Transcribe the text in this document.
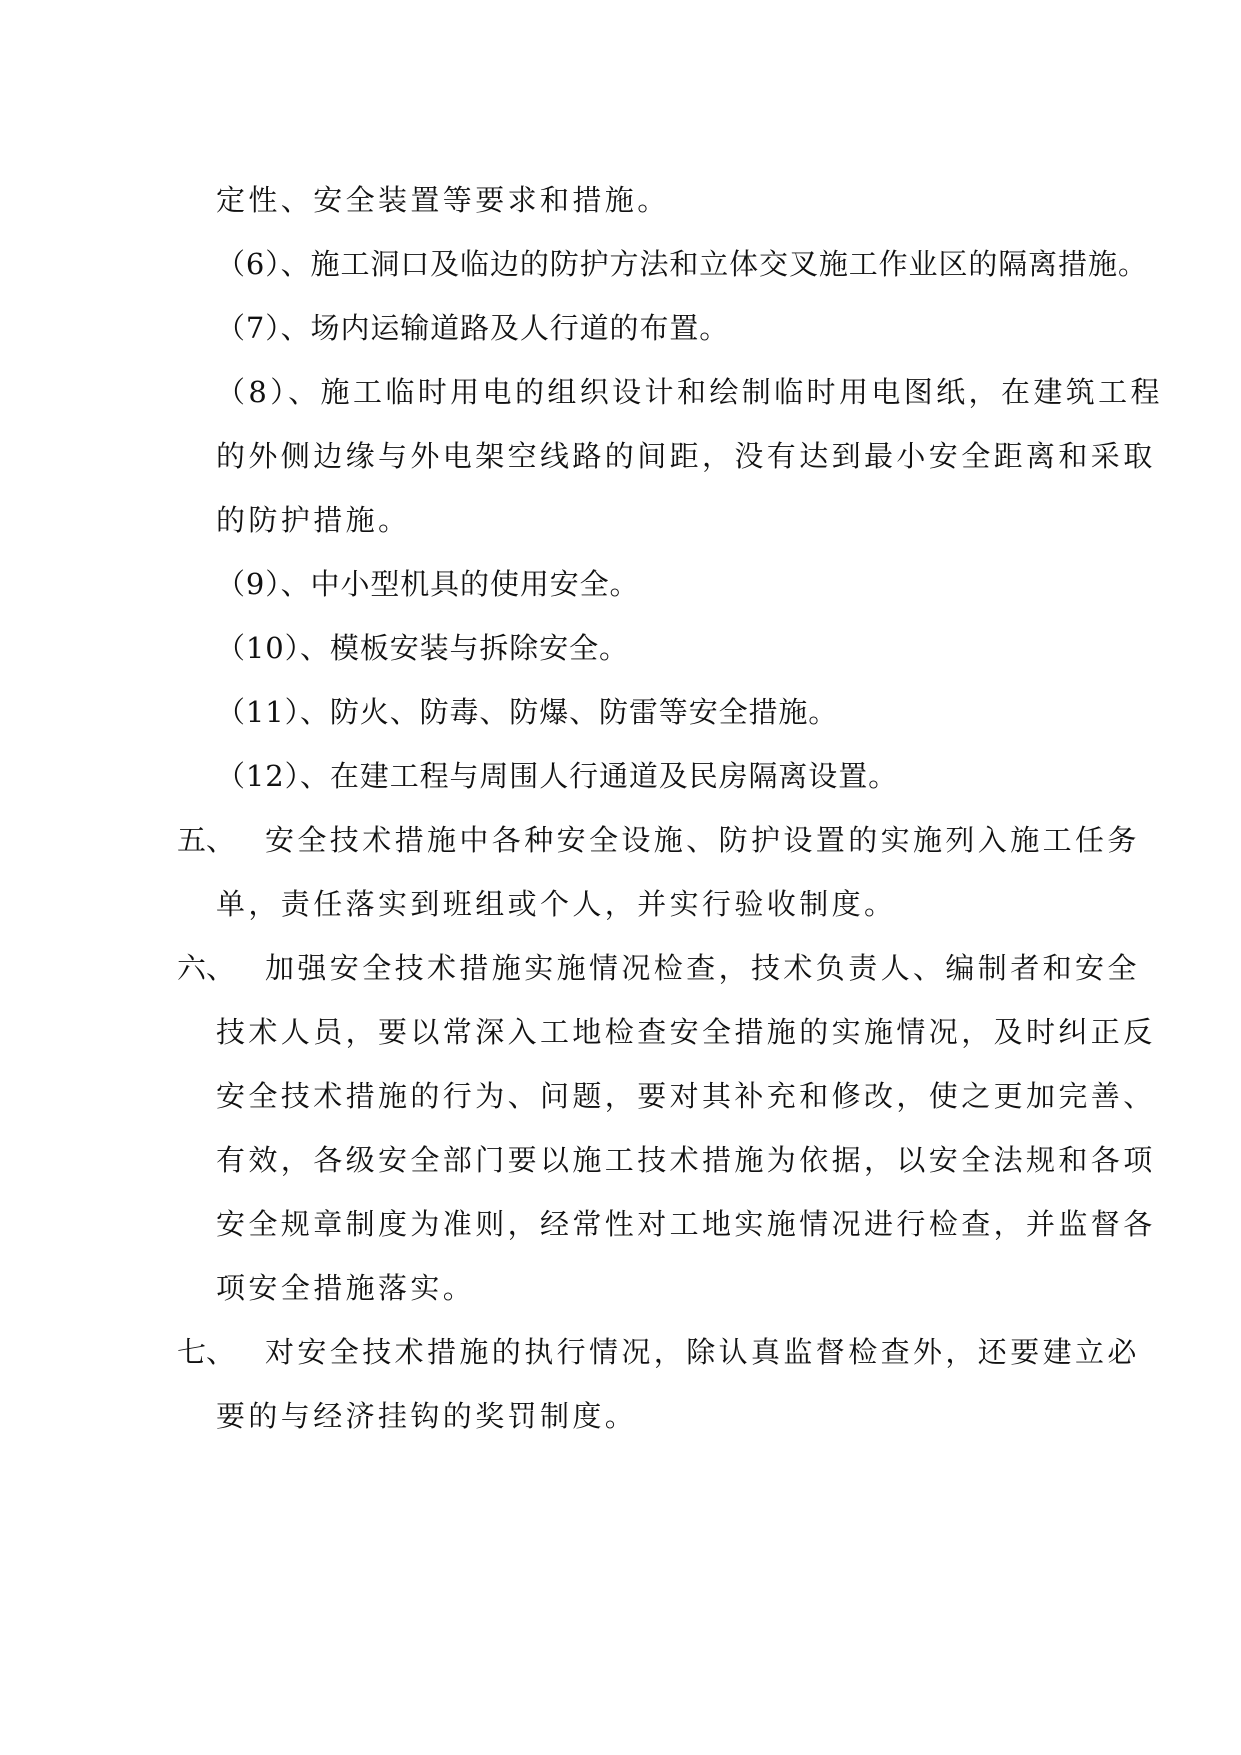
定性、安全装置等要求和措施。
（6）、施工洞口及临边的防护方法和立体交叉施工作业区的隔离措施。
（7）、场内运输道路及人行道的布置。
（8）、施工临时用电的组织设计和绘制临时用电图纸，在建筑工程
的外侧边缘与外电架空线路的间距，没有达到最小安全距离和采取
的防护措施。
（9）、中小型机具的使用安全。
（10）、模板安装与拆除安全。
（11）、防火、防毒、防爆、防雷等安全措施。
（12）、在建工程与周围人行通道及民房隔离设置。
五、 安全技术措施中各种安全设施、防护设置的实施列入施工任务
单，责任落实到班组或个人，并实行验收制度。
六、 加强安全技术措施实施情况检查，技术负责人、编制者和安全
技术人员，要以常深入工地检查安全措施的实施情况，及时纠正反
安全技术措施的行为、问题，要对其补充和修改，使之更加完善、
有效，各级安全部门要以施工技术措施为依据，以安全法规和各项
安全规章制度为准则，经常性对工地实施情况进行检查，并监督各
项安全措施落实。
七、 对安全技术措施的执行情况，除认真监督检查外，还要建立必
要的与经济挂钩的奖罚制度。
